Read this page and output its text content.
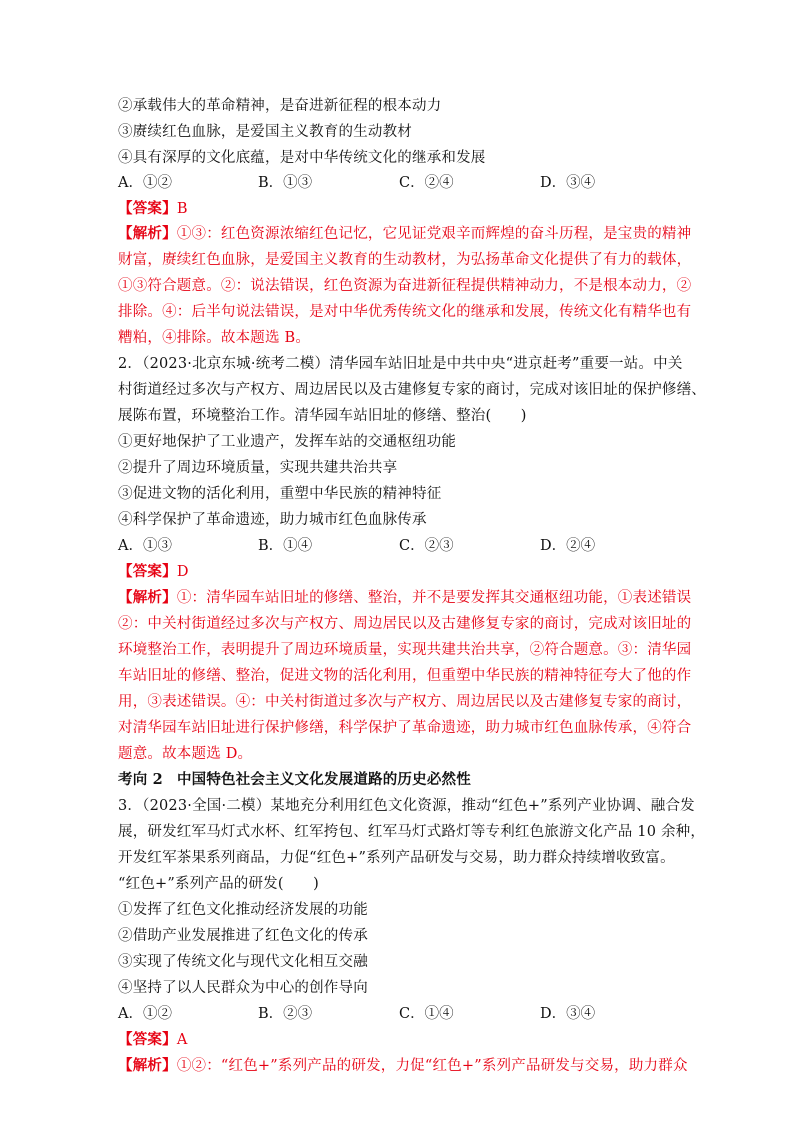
②承载伟大的革命精神，是奋进新征程的根本动力
③赓续红色血脉，是爱国主义教育的生动教材
④具有深厚的文化底蕴，是对中华传统文化的继承和发展
A．①②	B．①③	C．②④	D．③④
【答案】B
【解析】①③：红色资源浓缩红色记忆，它见证党艰辛而辉煌的奋斗历程，是宝贵的精神
财富，赓续红色血脉，是爱国主义教育的生动教材，为弘扬革命文化提供了有力的载体，
①③符合题意。②：说法错误，红色资源为奋进新征程提供精神动力，不是根本动力，②
排除。④：后半句说法错误，是对中华优秀传统文化的继承和发展，传统文化有精华也有
糟粕，④排除。故本题选 B。
2．（2023·北京东城·统考二模）清华园车站旧址是中共中央“进京赶考”重要一站。中关
村街道经过多次与产权方、周边居民以及古建修复专家的商讨，完成对该旧址的保护修缮、
展陈布置，环境整治工作。清华园车站旧址的修缮、整治(　　)
①更好地保护了工业遗产，发挥车站的交通枢纽功能
②提升了周边环境质量，实现共建共治共享
③促进文物的活化利用，重塑中华民族的精神特征
④科学保护了革命遗迹，助力城市红色血脉传承
A．①③	B．①④	C．②③	D．②④
【答案】D
【解析】①：清华园车站旧址的修缮、整治，并不是要发挥其交通枢纽功能，①表述错误
②：中关村街道经过多次与产权方、周边居民以及古建修复专家的商讨，完成对该旧址的
环境整治工作，表明提升了周边环境质量，实现共建共治共享，②符合题意。③：清华园
车站旧址的修缮、整治，促进文物的活化利用，但重塑中华民族的精神特征夸大了他的作
用，③表述错误。④：中关村街道过多次与产权方、周边居民以及古建修复专家的商讨，
对清华园车站旧址进行保护修缮，科学保护了革命遗迹，助力城市红色血脉传承，④符合
题意。故本题选 D。
考向 2 中国特色社会主义文化发展道路的历史必然性
3．（2023·全国·二模）某地充分利用红色文化资源，推动“红色+”系列产业协调、融合发
展，研发红军马灯式水杯、红军挎包、红军马灯式路灯等专利红色旅游文化产品 10 余种，
开发红军茶果系列商品，力促“红色+”系列产品研发与交易，助力群众持续增收致富。
“红色+”系列产品的研发(　　)
①发挥了红色文化推动经济发展的功能
②借助产业发展推进了红色文化的传承
③实现了传统文化与现代文化相互交融
④坚持了以人民群众为中心的创作导向
A．①②	B．②③	C．①④	D．③④
【答案】A
【解析】①②：“红色+”系列产品的研发，力促“红色+”系列产品研发与交易，助力群众
